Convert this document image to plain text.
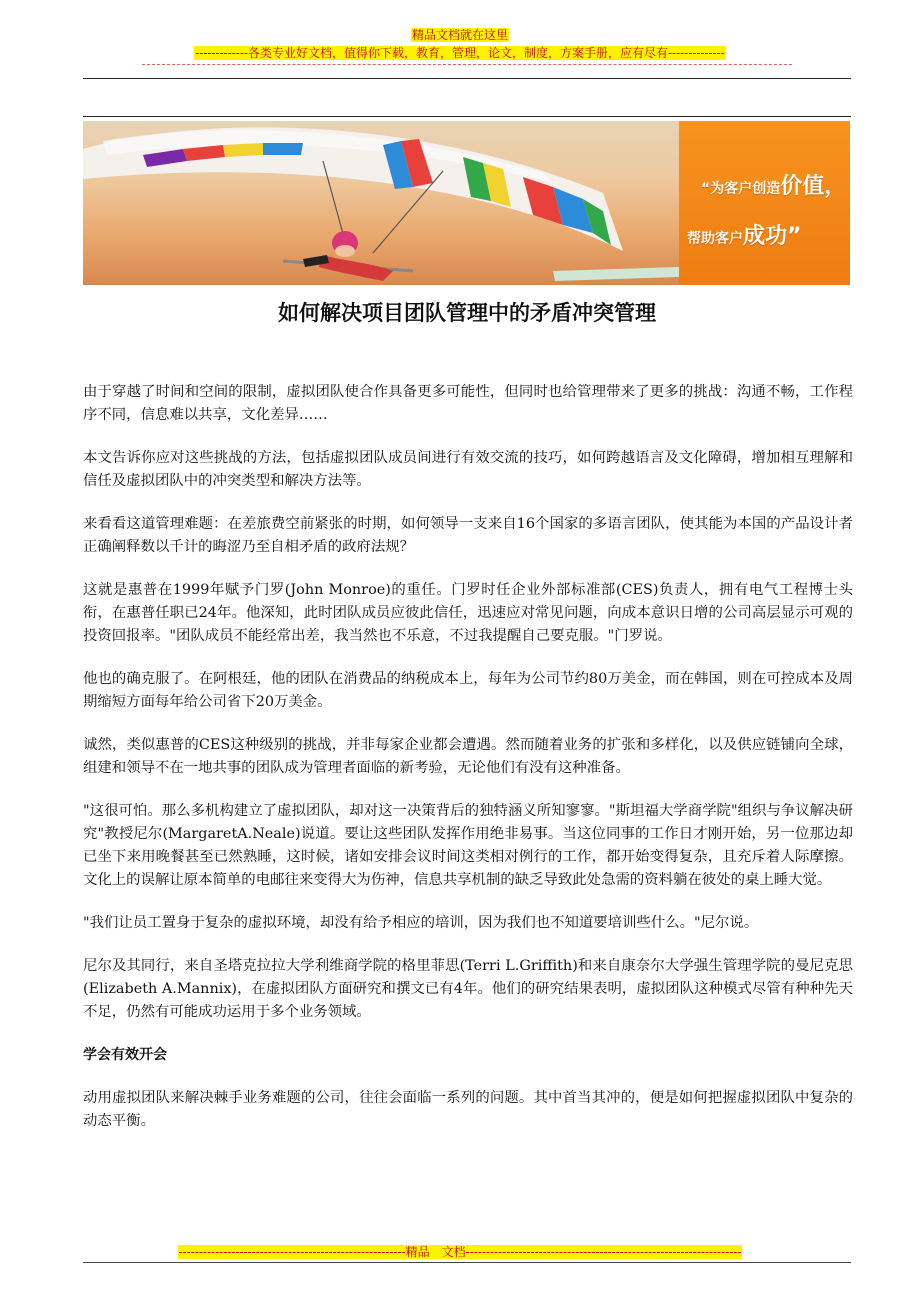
精品文档就在这里
-------------各类专业好文档，值得你下载，教育，管理，论文，制度，方案手册，应有尽有--------------
“为客户创造价值，
帮助客户成功”
如何解决项目团队管理中的矛盾冲突管理

由于穿越了时间和空间的限制，虚拟团队使合作具备更多可能性，但同时也给管理带来了更多的挑战：沟通不畅，工作程序不同，信息难以共享，文化差异……

本文告诉你应对这些挑战的方法，包括虚拟团队成员间进行有效交流的技巧，如何跨越语言及文化障碍，增加相互理解和信任及虚拟团队中的冲突类型和解决方法等。

来看看这道管理难题：在差旅费空前紧张的时期，如何领导一支来自16个国家的多语言团队，使其能为本国的产品设计者正确阐释数以千计的晦涩乃至自相矛盾的政府法规？

这就是惠普在1999年赋予门罗(John Monroe)的重任。门罗时任企业外部标准部(CES)负责人，拥有电气工程博士头衔，在惠普任职已24年。他深知，此时团队成员应彼此信任，迅速应对常见问题，向成本意识日增的公司高层显示可观的投资回报率。"团队成员不能经常出差，我当然也不乐意，不过我提醒自己要克服。"门罗说。

他也的确克服了。在阿根廷，他的团队在消费品的纳税成本上，每年为公司节约80万美金，而在韩国，则在可控成本及周期缩短方面每年给公司省下20万美金。

诚然，类似惠普的CES这种级别的挑战，并非每家企业都会遭遇。然而随着业务的扩张和多样化，以及供应链铺向全球，组建和领导不在一地共事的团队成为管理者面临的新考验，无论他们有没有这种准备。

"这很可怕。那么多机构建立了虚拟团队，却对这一决策背后的独特涵义所知寥寥。"斯坦福大学商学院"组织与争议解决研究"教授尼尔(MargaretA.Neale)说道。要让这些团队发挥作用绝非易事。当这位同事的工作日才刚开始，另一位那边却已坐下来用晚餐甚至已然熟睡，这时候，诸如安排会议时间这类相对例行的工作，都开始变得复杂，且充斥着人际摩擦。文化上的误解让原本简单的电邮往来变得大为伤神，信息共享机制的缺乏导致此处急需的资料躺在彼处的桌上睡大觉。

"我们让员工置身于复杂的虚拟环境，却没有给予相应的培训，因为我们也不知道要培训些什么。"尼尔说。

尼尔及其同行，来自圣塔克拉拉大学利维商学院的格里菲思(Terri L.Griffith)和来自康奈尔大学强生管理学院的曼尼克思(Elizabeth A.Mannix)，在虚拟团队方面研究和撰文已有4年。他们的研究结果表明，虚拟团队这种模式尽管有种种先天不足，仍然有可能成功运用于多个业务领域。

学会有效开会

动用虚拟团队来解决棘手业务难题的公司，往往会面临一系列的问题。其中首当其冲的，便是如何把握虚拟团队中复杂的动态平衡。

--------------------------------------------------------精品　文档--------------------------------------------------------------------
